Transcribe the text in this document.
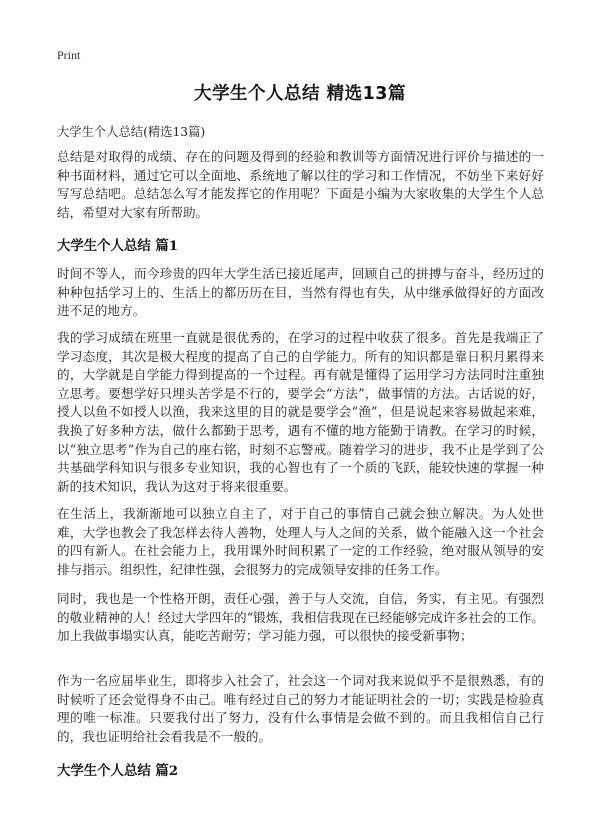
Print
大学生个人总结 精选13篇
大学生个人总结(精选13篇)

总结是对取得的成绩、存在的问题及得到的经验和教训等方面情况进行评价与描述的一种书面材料，通过它可以全面地、系统地了解以往的学习和工作情况，不妨坐下来好好写写总结吧。总结怎么写才能发挥它的作用呢？下面是小编为大家收集的大学生个人总结，希望对大家有所帮助。

大学生个人总结 篇1

时间不等人，而今珍贵的四年大学生活已接近尾声，回顾自己的拼搏与奋斗，经历过的种种包括学习上的、生活上的都历历在目，当然有得也有失，从中继承做得好的方面改进不足的地方。

我的学习成绩在班里一直就是很优秀的，在学习的过程中收获了很多。首先是我端正了学习态度，其次是极大程度的提高了自己的自学能力。所有的知识都是靠日积月累得来的，大学就是自学能力得到提高的一个过程。再有就是懂得了运用学习方法同时注重独立思考。要想学好只埋头苦学是不行的，要学会“方法”，做事情的方法。古话说的好，授人以鱼不如授人以渔，我来这里的目的就是要学会“渔”，但是说起来容易做起来难，我换了好多种方法，做什么都勤于思考，遇有不懂的地方能勤于请教。在学习的时候，以“独立思考”作为自己的座右铭，时刻不忘警戒。随着学习的进步，我不止是学到了公共基础学科知识与很多专业知识，我的心智也有了一个质的飞跃，能较快速的掌握一种新的技术知识，我认为这对于将来很重要。

在生活上，我渐渐地可以独立自主了，对于自己的事情自己就会独立解决。为人处世难，大学也教会了我怎样去待人善物，处理人与人之间的关系，做个能融入这一个社会的四有新人。在社会能力上，我用课外时间积累了一定的工作经验，绝对服从领导的安排与指示。组织性，纪律性强，会很努力的完成领导安排的任务工作。

同时，我也是一个性格开朗，责任心强，善于与人交流，自信，务实，有主见。有强烈的敬业精神的人！经过大学四年的“锻炼，我相信我现在已经能够完成许多社会的工作。加上我做事塌实认真，能吃苦耐劳；学习能力强，可以很快的接受新事物；

作为一名应届毕业生，即将步入社会了，社会这一个词对我来说似乎不是很熟悉，有的时候听了还会觉得身不由己。唯有经过自己的努力才能证明社会的一切；实践是检验真理的唯一标准。只要我付出了努力，没有什么事情是会做不到的。而且我相信自己行的，我也证明给社会看我是不一般的。

大学生个人总结 篇2
